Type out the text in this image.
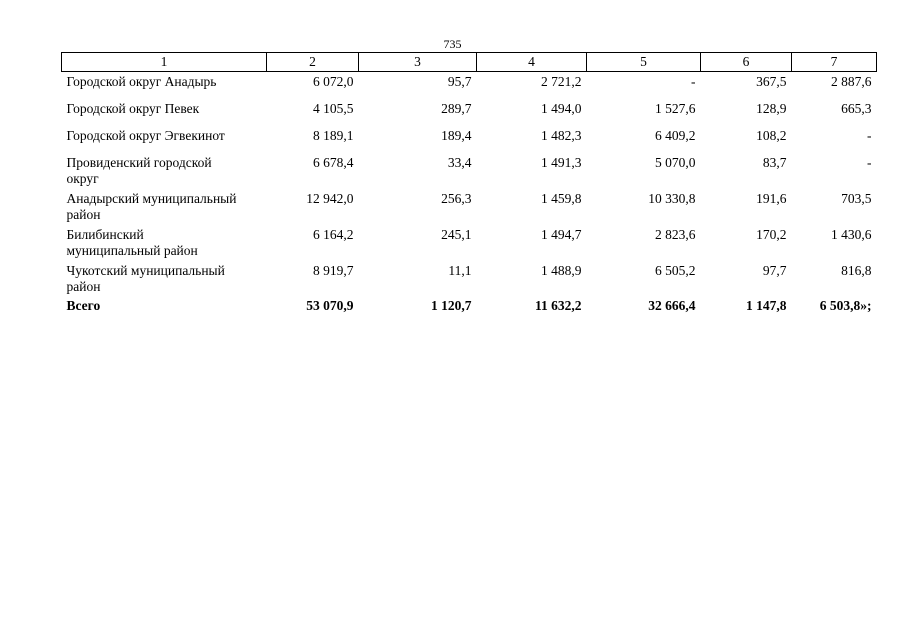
735
1	2	3	4	5	6	7
Городской округ Анадырь	6 072,0	95,7	2 721,2	-	367,5	2 887,6
Городской округ Певек	4 105,5	289,7	1 494,0	1 527,6	128,9	665,3
Городской округ Эгвекинот	8 189,1	189,4	1 482,3	6 409,2	108,2	-
Провиденский городской
округ	6 678,4	33,4	1 491,3	5 070,0	83,7	-
Анадырский муниципальный
район	12 942,0	256,3	1 459,8	10 330,8	191,6	703,5
Билибинский
муниципальный район	6 164,2	245,1	1 494,7	2 823,6	170,2	1 430,6
Чукотский муниципальный
район	8 919,7	11,1	1 488,9	6 505,2	97,7	816,8
Всего	53 070,9	1 120,7	11 632,2	32 666,4	1 147,8	6 503,8»;
